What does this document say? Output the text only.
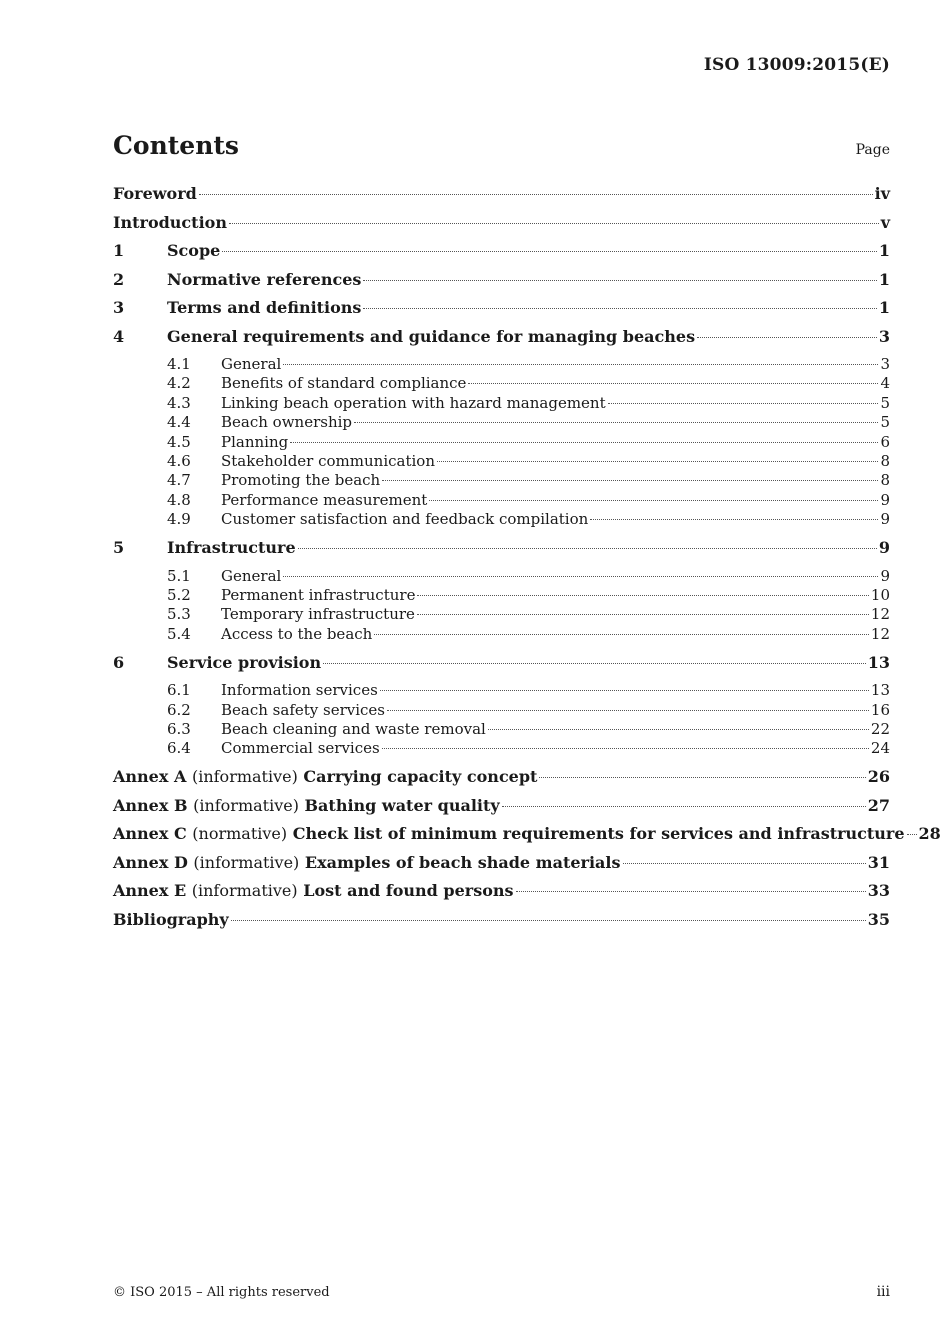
ISO 13009:2015(E)
Contents	Page
Foreword	iv
Introduction	v
1	Scope	1
2	Normative references	1
3	Terms and definitions	1
4	General requirements and guidance for managing beaches	3
4.1	General	3
4.2	Benefits of standard compliance	4
4.3	Linking beach operation with hazard management	5
4.4	Beach ownership	5
4.5	Planning	6
4.6	Stakeholder communication	8
4.7	Promoting the beach	8
4.8	Performance measurement	9
4.9	Customer satisfaction and feedback compilation	9
5	Infrastructure	9
5.1	General	9
5.2	Permanent infrastructure	10
5.3	Temporary infrastructure	12
5.4	Access to the beach	12
6	Service provision	13
6.1	Information services	13
6.2	Beach safety services	16
6.3	Beach cleaning and waste removal	22
6.4	Commercial services	24
Annex A (informative) Carrying capacity concept	26
Annex B (informative) Bathing water quality	27
Annex C (normative) Check list of minimum requirements for services and infrastructure 28
Annex D (informative) Examples of beach shade materials	31
Annex E (informative) Lost and found persons	33
Bibliography	35
© ISO 2015 – All rights reserved	iii
